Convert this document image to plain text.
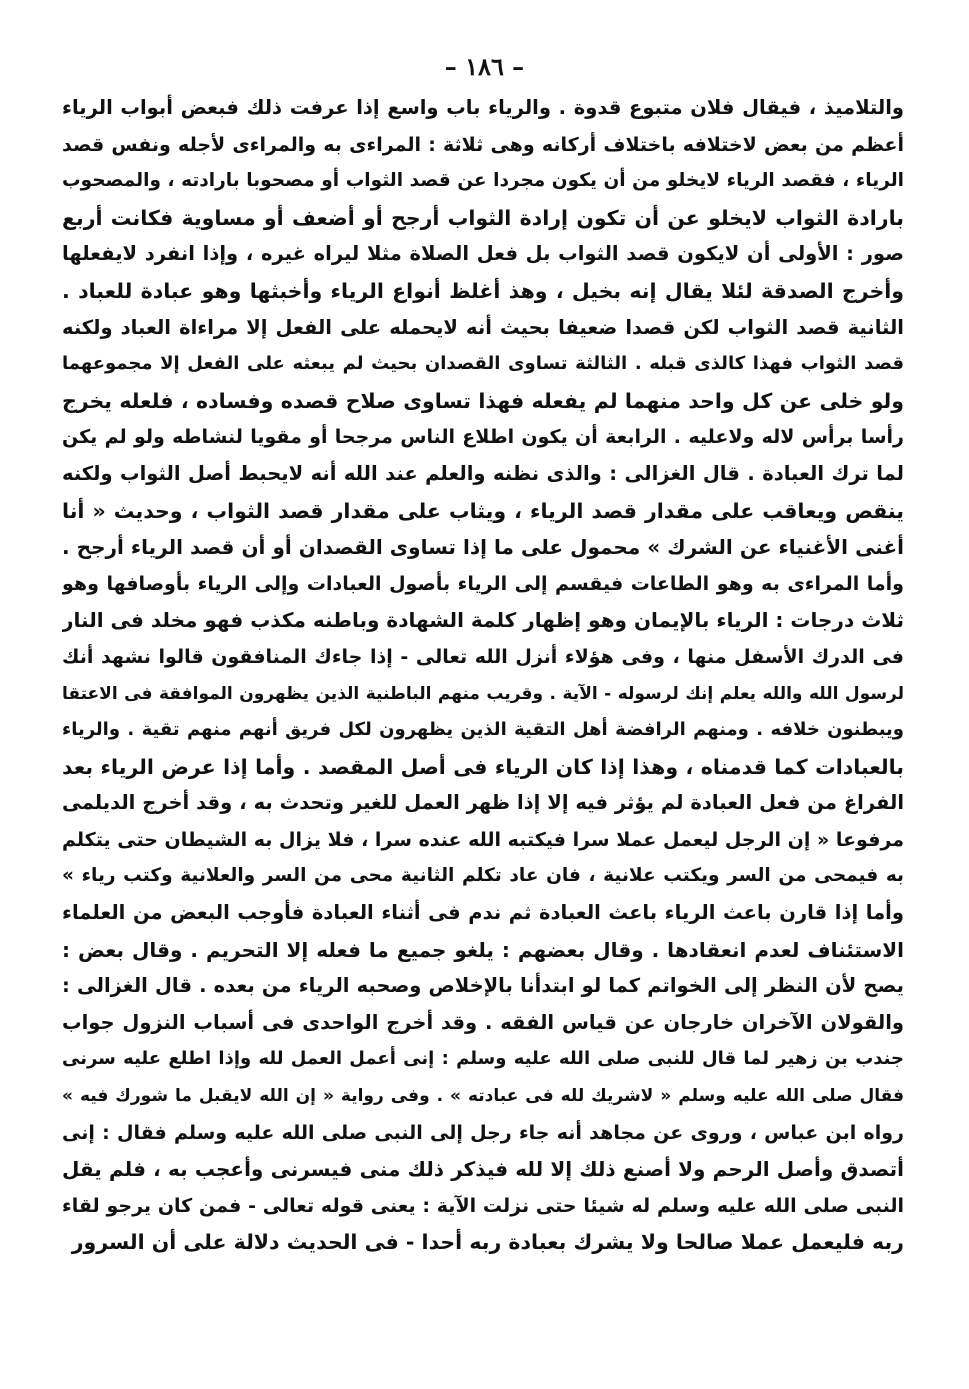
– ١٨٦ –
والتلاميذ ، فيقال فلان متبوع قدوة . والرياء باب واسع إذا عرفت ذلك فبعض أبواب الرياء
أعظم من بعض لاختلافه باختلاف أركانه وهى ثلاثة : المراءى به والمراءى لأجله ونفس قصد
الرياء ، فقصد الرياء لايخلو من أن يكون مجردا عن قصد الثواب أو مصحوبا بارادته ، والمصحوب
بارادة الثواب لايخلو عن أن تكون إرادة الثواب أرجح أو أضعف أو مساوية فكانت أربع
صور : الأولى أن لايكون قصد الثواب بل فعل الصلاة مثلا ليراه غيره ، وإذا انفرد لايفعلها
وأخرج الصدقة لئلا يقال إنه بخيل ، وهذ أغلظ أنواع الرياء وأخبثها وهو عبادة للعباد .
الثانية قصد الثواب لكن قصدا ضعيفا بحيث أنه لايحمله على الفعل إلا مراءاة العباد ولكنه
قصد الثواب فهذا كالذى قبله . الثالثة تساوى القصدان بحيث لم يبعثه على الفعل إلا مجموعهما
ولو خلى عن كل واحد منهما لم يفعله فهذا تساوى صلاح قصده وفساده ، فلعله يخرج
رأسا برأس لاله ولاعليه . الرابعة أن يكون اطلاع الناس مرجحا أو مقويا لنشاطه ولو لم يكن
لما ترك العبادة . قال الغزالى : والذى نظنه والعلم عند الله أنه لايحبط أصل الثواب ولكنه
ينقص ويعاقب على مقدار قصد الرياء ، ويثاب على مقدار قصد الثواب ، وحديث « أنا
أغنى الأغنياء عن الشرك » محمول على ما إذا تساوى القصدان أو أن قصد الرياء أرجح .
وأما المراءى به وهو الطاعات فيقسم إلى الرياء بأصول العبادات وإلى الرياء بأوصافها وهو
ثلاث درجات : الرياء بالإيمان وهو إظهار كلمة الشهادة وباطنه مكذب فهو مخلد فى النار
فى الدرك الأسفل منها ، وفى هؤلاء أنزل الله تعالى - إذا جاءك المنافقون قالوا نشهد أنك
لرسول الله والله يعلم إنك لرسوله - الآية . وقريب منهم الباطنية الذين يظهرون الموافقة فى الاعتقا
ويبطنون خلافه . ومنهم الرافضة أهل التقية الذين يظهرون لكل فريق أنهم منهم تقية . والرياء
بالعبادات كما قدمناه ، وهذا إذا كان الرياء فى أصل المقصد . وأما إذا عرض الرياء بعد
الفراغ من فعل العبادة لم يؤثر فيه إلا إذا ظهر العمل للغير وتحدث به ، وقد أخرج الديلمى
مرفوعا « إن الرجل ليعمل عملا سرا فيكتبه الله عنده سرا ، فلا يزال به الشيطان حتى يتكلم
به فيمحى من السر ويكتب علانية ، فان عاد تكلم الثانية محى من السر والعلانية وكتب رياء »
وأما إذا قارن باعث الرياء باعث العبادة ثم ندم فى أثناء العبادة فأوجب البعض من العلماء
الاستئناف لعدم انعقادها . وقال بعضهم : يلغو جميع ما فعله إلا التحريم . وقال بعض :
يصح لأن النظر إلى الخواتم كما لو ابتدأنا بالإخلاص وصحبه الرياء من بعده . قال الغزالى :
والقولان الآخران خارجان عن قياس الفقه . وقد أخرج الواحدى فى أسباب النزول جواب
جندب بن زهير لما قال للنبى صلى الله عليه وسلم : إنى أعمل العمل لله وإذا اطلع عليه سرنى
فقال صلى الله عليه وسلم « لاشريك لله فى عبادته » . وفى رواية « إن الله لايقبل ما شورك فيه »
رواه ابن عباس ، وروى عن مجاهد أنه جاء رجل إلى النبى صلى الله عليه وسلم فقال : إنى
أتصدق وأصل الرحم ولا أصنع ذلك إلا لله فيذكر ذلك منى فيسرنى وأعجب به ، فلم يقل
النبى صلى الله عليه وسلم له شيئا حتى نزلت الآية : يعنى قوله تعالى - فمن كان يرجو لقاء
ربه فليعمل عملا صالحا ولا يشرك بعبادة ربه أحدا - فى الحديث دلالة على أن السرور
